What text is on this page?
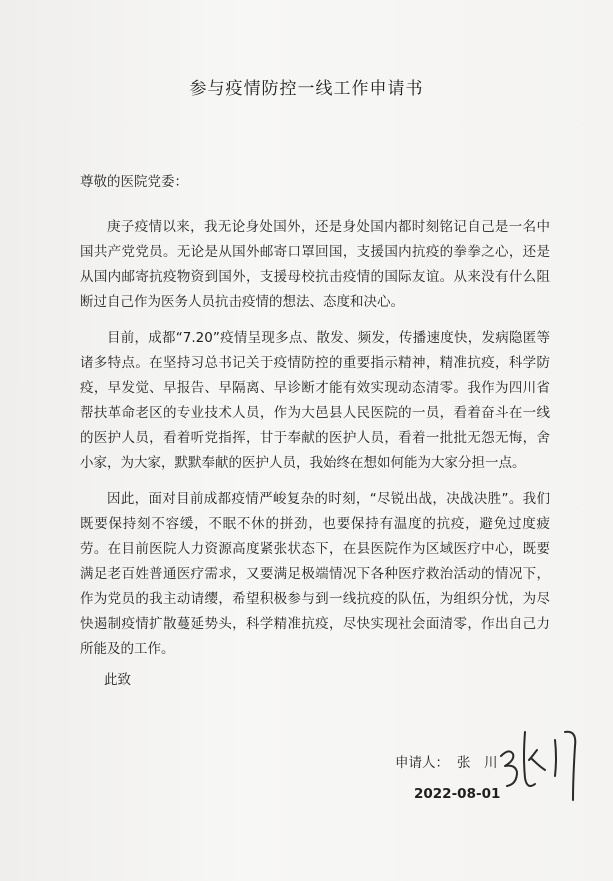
参与疫情防控一线工作申请书
尊敬的医院党委：

庚子疫情以来，我无论身处国外，还是身处国内都时刻铭记自己是一名中国共产党党员。无论是从国外邮寄口罩回国，支援国内抗疫的拳拳之心，还是从国内邮寄抗疫物资到国外，支援母校抗击疫情的国际友谊。从来没有什么阻断过自己作为医务人员抗击疫情的想法、态度和决心。

目前，成都“7.20”疫情呈现多点、散发、频发，传播速度快，发病隐匿等诸多特点。在坚持习总书记关于疫情防控的重要指示精神，精准抗疫，科学防疫，早发觉、早报告、早隔离、早诊断才能有效实现动态清零。我作为四川省帮扶革命老区的专业技术人员，作为大邑县人民医院的一员，看着奋斗在一线的医护人员，看着听党指挥，甘于奉献的医护人员，看着一批批无怨无悔，舍小家，为大家，默默奉献的医护人员，我始终在想如何能为大家分担一点。

因此，面对目前成都疫情严峻复杂的时刻，“尽锐出战，决战决胜”。我们既要保持刻不容缓，不眠不休的拼劲，也要保持有温度的抗疫，避免过度疲劳。在目前医院人力资源高度紧张状态下，在县医院作为区域医疗中心，既要满足老百姓普通医疗需求，又要满足极端情况下各种医疗救治活动的情况下，作为党员的我主动请缨，希望积极参与到一线抗疫的队伍，为组织分忧，为尽快遏制疫情扩散蔓延势头，科学精准抗疫，尽快实现社会面清零，作出自己力所能及的工作。

此致
申请人： 张　川
2022-08-01
